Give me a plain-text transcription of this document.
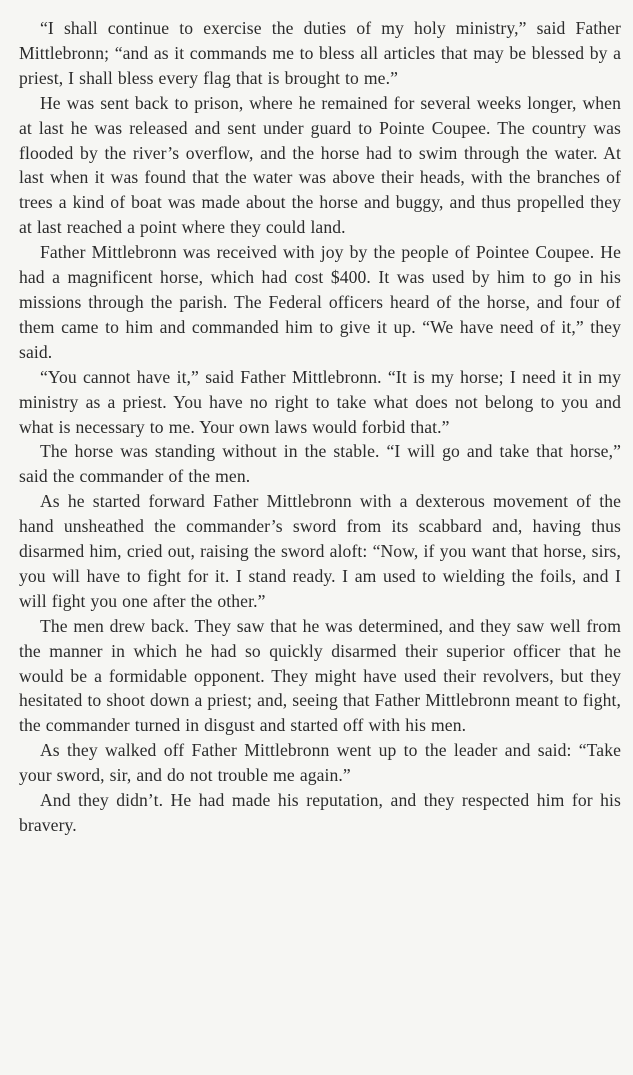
“I shall continue to exercise the duties of my holy ministry,” said Father Mittlebronn; “and as it commands me to bless all articles that may be blessed by a priest, I shall bless every flag that is brought to me.”

He was sent back to prison, where he remained for several weeks longer, when at last he was released and sent under guard to Pointe Coupee. The country was flooded by the river’s overflow, and the horse had to swim through the water. At last when it was found that the water was above their heads, with the branches of trees a kind of boat was made about the horse and buggy, and thus propelled they at last reached a point where they could land.

Father Mittlebronn was received with joy by the people of Pointee Coupee. He had a magnificent horse, which had cost $400. It was used by him to go in his missions through the parish. The Federal officers heard of the horse, and four of them came to him and commanded him to give it up. “We have need of it,” they said.

“You cannot have it,” said Father Mittlebronn. “It is my horse; I need it in my ministry as a priest. You have no right to take what does not belong to you and what is necessary to me. Your own laws would forbid that.”

The horse was standing without in the stable. “I will go and take that horse,” said the commander of the men.

As he started forward Father Mittlebronn with a dexterous movement of the hand unsheathed the commander’s sword from its scabbard and, having thus disarmed him, cried out, raising the sword aloft: “Now, if you want that horse, sirs, you will have to fight for it. I stand ready. I am used to wielding the foils, and I will fight you one after the other.”

The men drew back. They saw that he was determined, and they saw well from the manner in which he had so quickly disarmed their superior officer that he would be a formidable opponent. They might have used their revolvers, but they hesitated to shoot down a priest; and, seeing that Father Mittlebronn meant to fight, the commander turned in disgust and started off with his men.

As they walked off Father Mittlebronn went up to the leader and said: “Take your sword, sir, and do not trouble me again.”

And they didn’t. He had made his reputation, and they respected him for his bravery.
